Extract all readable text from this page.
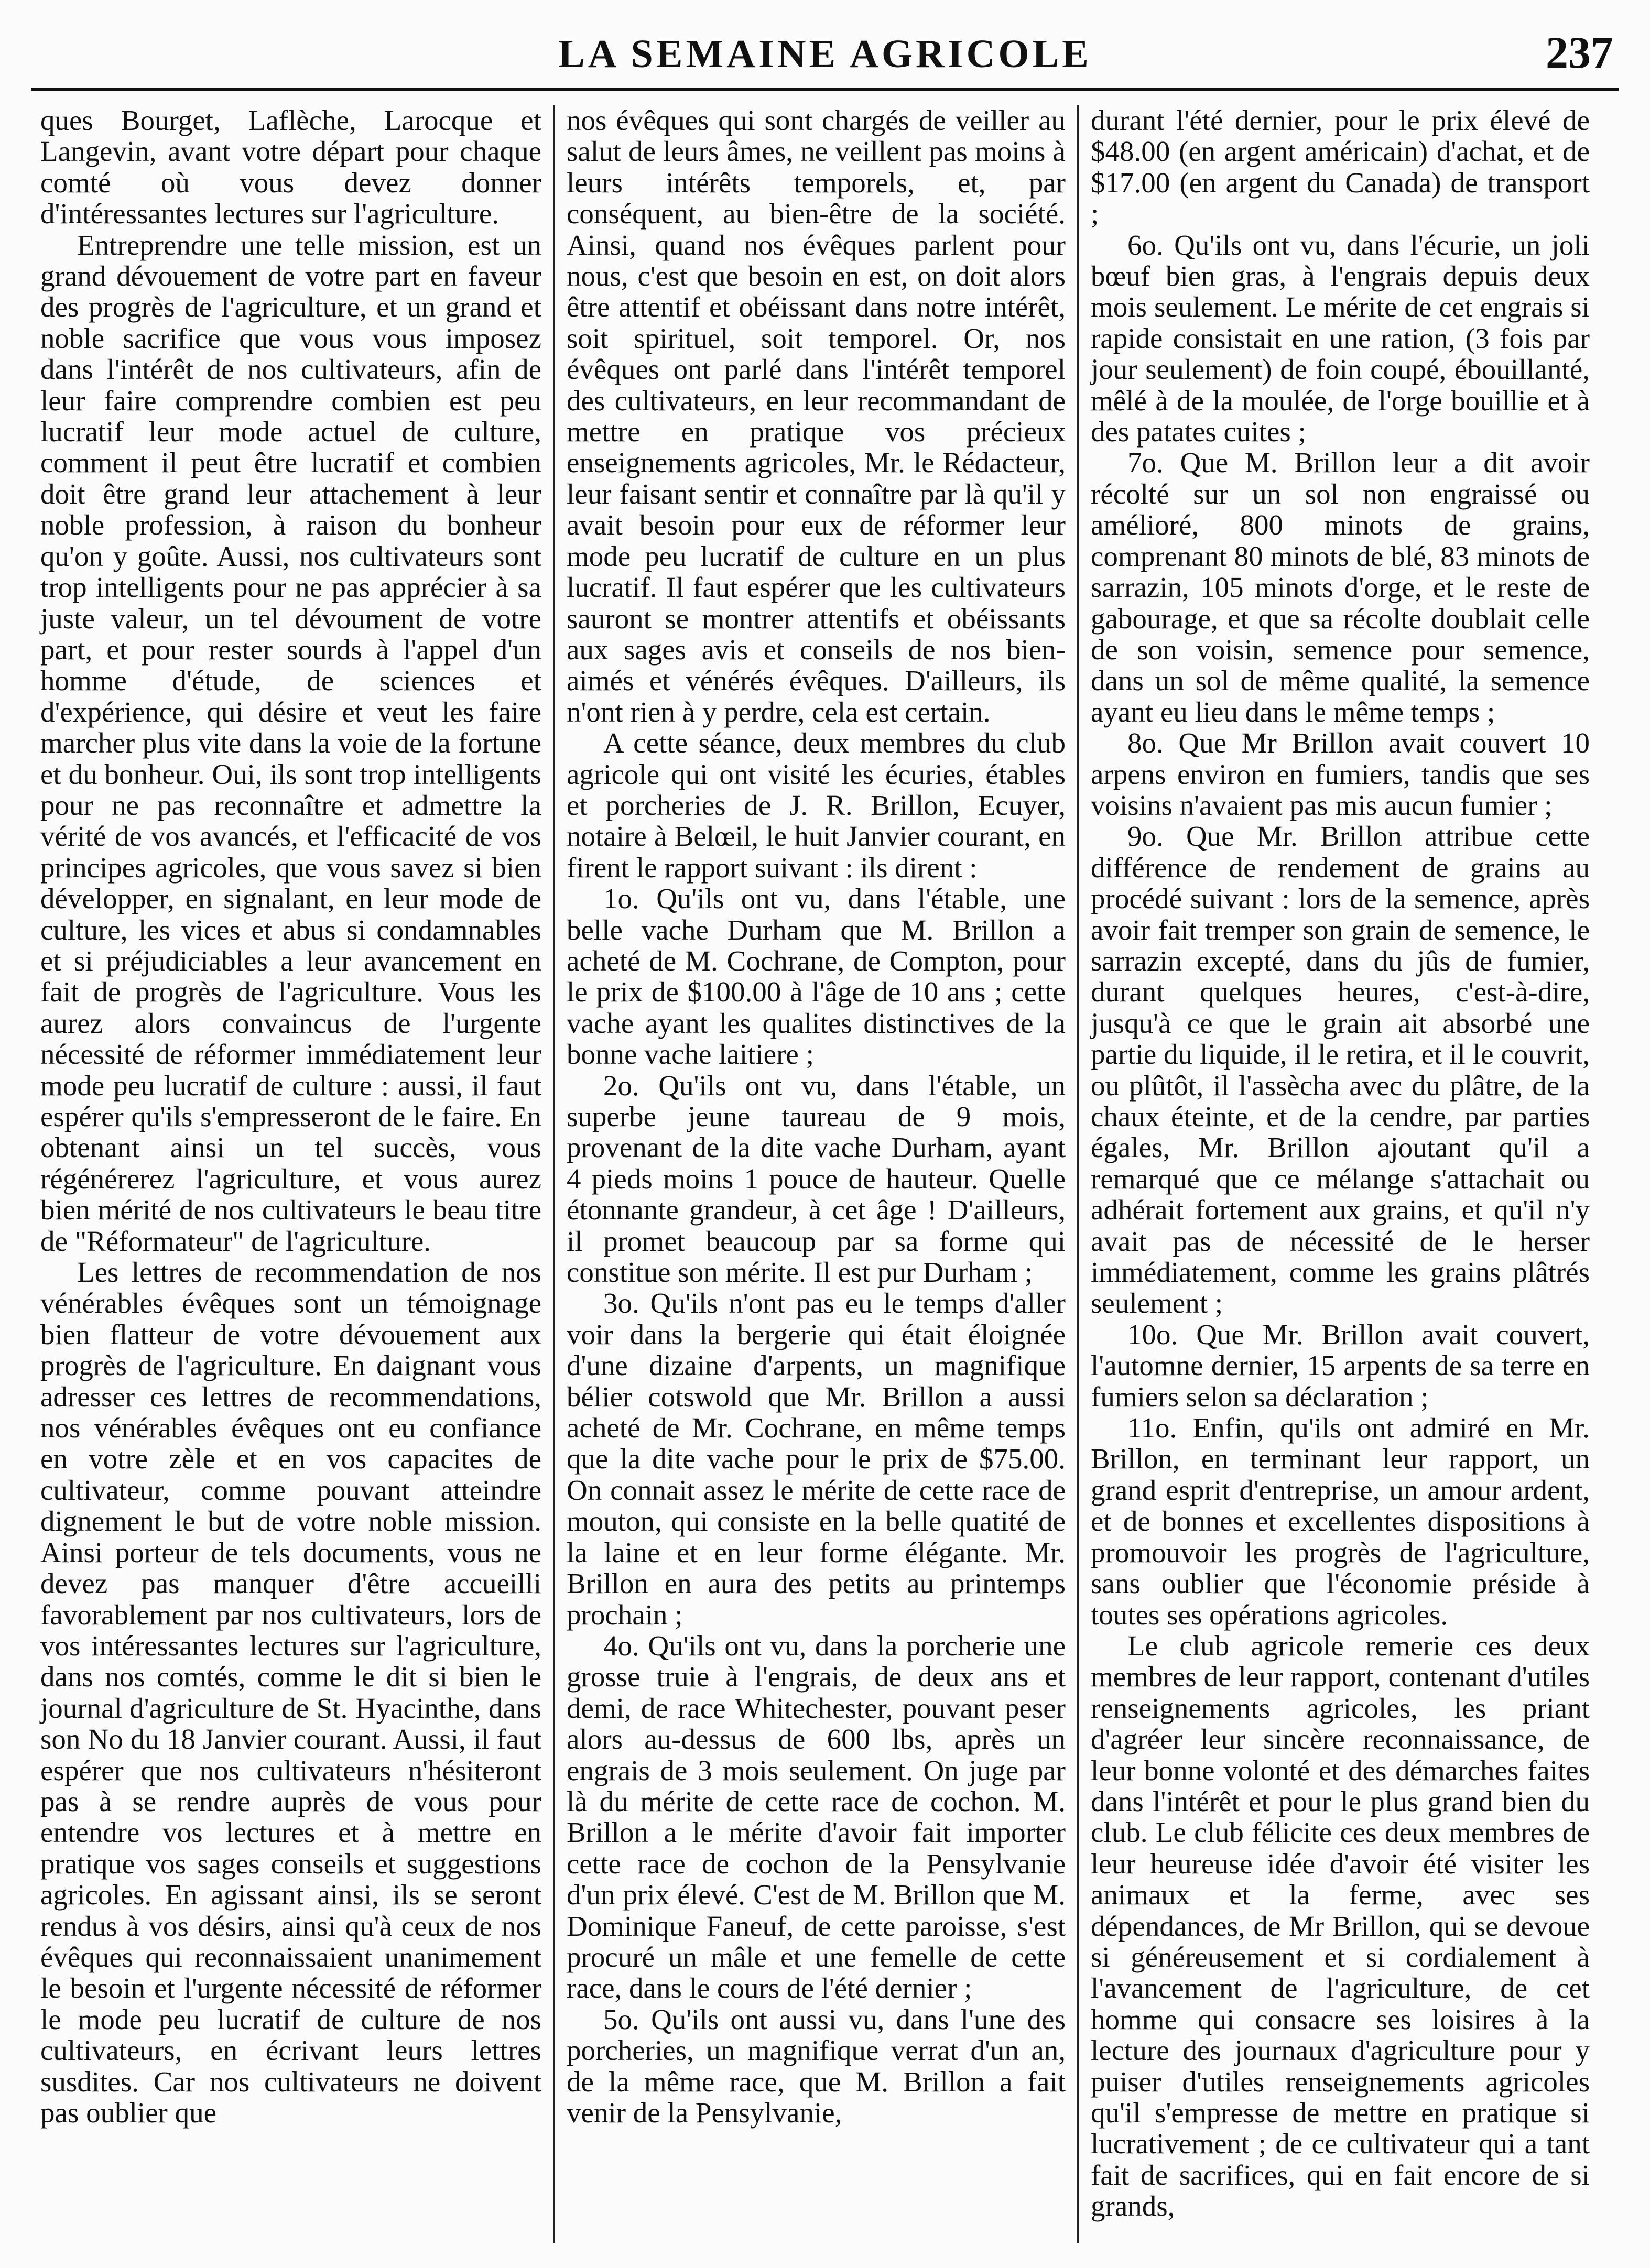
LA SEMAINE AGRICOLE	237

ques Bourget, Laflèche, Larocque et Langevin, avant votre départ pour chaque comté où vous devez donner d'intéressantes lectures sur l'agriculture.

Entreprendre une telle mission, est un grand dévouement de votre part en faveur des progrès de l'agriculture, et un grand et noble sacrifice que vous vous imposez dans l'intérêt de nos cultivateurs, afin de leur faire comprendre combien est peu lucratif leur mode actuel de culture, comment il peut être lucratif et combien doit être grand leur attachement à leur noble profession, à raison du bonheur qu'on y goûte. Aussi, nos cultivateurs sont trop intelligents pour ne pas apprécier à sa juste valeur, un tel dévoument de votre part, et pour rester sourds à l'appel d'un homme d'étude, de sciences et d'expérience, qui désire et veut les faire marcher plus vite dans la voie de la fortune et du bonheur. Oui, ils sont trop intelligents pour ne pas reconnaître et admettre la vérité de vos avancés, et l'efficacité de vos principes agricoles, que vous savez si bien développer, en signalant, en leur mode de culture, les vices et abus si condamnables et si préjudiciables a leur avancement en fait de progrès de l'agriculture. Vous les aurez alors convaincus de l'urgente nécessité de réformer immédiatement leur mode peu lucratif de culture : aussi, il faut espérer qu'ils s'empresseront de le faire. En obtenant ainsi un tel succès, vous régénérerez l'agriculture, et vous aurez bien mérité de nos cultivateurs le beau titre de "Réformateur" de l'agriculture.

Les lettres de recommendation de nos vénérables évêques sont un témoignage bien flatteur de votre dévouement aux progrès de l'agriculture. En daignant vous adresser ces lettres de recommendations, nos vénérables évêques ont eu confiance en votre zèle et en vos capacites de cultivateur, comme pouvant atteindre dignement le but de votre noble mission. Ainsi porteur de tels documents, vous ne devez pas manquer d'être accueilli favorablement par nos cultivateurs, lors de vos intéressantes lectures sur l'agriculture, dans nos comtés, comme le dit si bien le journal d'agriculture de St. Hyacinthe, dans son No du 18 Janvier courant. Aussi, il faut espérer que nos cultivateurs n'hésiteront pas à se rendre auprès de vous pour entendre vos lectures et à mettre en pratique vos sages conseils et suggestions agricoles. En agissant ainsi, ils se seront rendus à vos désirs, ainsi qu'à ceux de nos évêques qui reconnaissaient unanimement le besoin et l'urgente nécessité de réformer le mode peu lucratif de culture de nos cultivateurs, en écrivant leurs lettres susdites. Car nos cultivateurs ne doivent pas oublier que

nos évêques qui sont chargés de veiller au salut de leurs âmes, ne veillent pas moins à leurs intérêts temporels, et, par conséquent, au bien-être de la société. Ainsi, quand nos évêques parlent pour nous, c'est que besoin en est, on doit alors être attentif et obéissant dans notre intérêt, soit spirituel, soit temporel. Or, nos évêques ont parlé dans l'intérêt temporel des cultivateurs, en leur recommandant de mettre en pratique vos précieux enseignements agricoles, Mr. le Rédacteur, leur faisant sentir et connaître par là qu'il y avait besoin pour eux de réformer leur mode peu lucratif de culture en un plus lucratif. Il faut espérer que les cultivateurs sauront se montrer attentifs et obéissants aux sages avis et conseils de nos bien-aimés et vénérés évêques. D'ailleurs, ils n'ont rien à y perdre, cela est certain.

A cette séance, deux membres du club agricole qui ont visité les écuries, étables et porcheries de J. R. Brillon, Ecuyer, notaire à Belœil, le huit Janvier courant, en firent le rapport suivant : ils dirent :

1o. Qu'ils ont vu, dans l'étable, une belle vache Durham que M. Brillon a acheté de M. Cochrane, de Compton, pour le prix de $100.00 à l'âge de 10 ans ; cette vache ayant les qualites distinctives de la bonne vache laitiere ;

2o. Qu'ils ont vu, dans l'étable, un superbe jeune taureau de 9 mois, provenant de la dite vache Durham, ayant 4 pieds moins 1 pouce de hauteur. Quelle étonnante grandeur, à cet âge ! D'ailleurs, il promet beaucoup par sa forme qui constitue son mérite. Il est pur Durham ;

3o. Qu'ils n'ont pas eu le temps d'aller voir dans la bergerie qui était éloignée d'une dizaine d'arpents, un magnifique bélier cotswold que Mr. Brillon a aussi acheté de Mr. Cochrane, en même temps que la dite vache pour le prix de $75.00. On connait assez le mérite de cette race de mouton, qui consiste en la belle quatité de la laine et en leur forme élégante. Mr. Brillon en aura des petits au printemps prochain ;

4o. Qu'ils ont vu, dans la porcherie une grosse truie à l'engrais, de deux ans et demi, de race Whitechester, pouvant peser alors au-dessus de 600 lbs, après un engrais de 3 mois seulement. On juge par là du mérite de cette race de cochon. M. Brillon a le mérite d'avoir fait importer cette race de cochon de la Pensylvanie d'un prix élevé. C'est de M. Brillon que M. Dominique Faneuf, de cette paroisse, s'est procuré un mâle et une femelle de cette race, dans le cours de l'été dernier ;

5o. Qu'ils ont aussi vu, dans l'une des porcheries, un magnifique verrat d'un an, de la même race, que M. Brillon a fait venir de la Pensylvanie,

durant l'été dernier, pour le prix élevé de $48.00 (en argent américain) d'achat, et de $17.00 (en argent du Canada) de transport ;

6o. Qu'ils ont vu, dans l'écurie, un joli bœuf bien gras, à l'engrais depuis deux mois seulement. Le mérite de cet engrais si rapide consistait en une ration, (3 fois par jour seulement) de foin coupé, ébouillanté, mêlé à de la moulée, de l'orge bouillie et à des patates cuites ;

7o. Que M. Brillon leur a dit avoir récolté sur un sol non engraissé ou amélioré, 800 minots de grains, comprenant 80 minots de blé, 83 minots de sarrazin, 105 minots d'orge, et le reste de gabourage, et que sa récolte doublait celle de son voisin, semence pour semence, dans un sol de même qualité, la semence ayant eu lieu dans le même temps ;

8o. Que Mr Brillon avait couvert 10 arpens environ en fumiers, tandis que ses voisins n'avaient pas mis aucun fumier ;

9o. Que Mr. Brillon attribue cette différence de rendement de grains au procédé suivant : lors de la semence, après avoir fait tremper son grain de semence, le sarrazin excepté, dans du jûs de fumier, durant quelques heures, c'est-à-dire, jusqu'à ce que le grain ait absorbé une partie du liquide, il le retira, et il le couvrit, ou plûtôt, il l'assècha avec du plâtre, de la chaux éteinte, et de la cendre, par parties égales, Mr. Brillon ajoutant qu'il a remarqué que ce mélange s'attachait ou adhérait fortement aux grains, et qu'il n'y avait pas de nécessité de le herser immédiatement, comme les grains plâtrés seulement ;

10o. Que Mr. Brillon avait couvert, l'automne dernier, 15 arpents de sa terre en fumiers selon sa déclaration ;

11o. Enfin, qu'ils ont admiré en Mr. Brillon, en terminant leur rapport, un grand esprit d'entreprise, un amour ardent, et de bonnes et excellentes dispositions à promouvoir les progrès de l'agriculture, sans oublier que l'économie préside à toutes ses opérations agricoles.

Le club agricole remerie ces deux membres de leur rapport, contenant d'utiles renseignements agricoles, les priant d'agréer leur sincère reconnaissance, de leur bonne volonté et des démarches faites dans l'intérêt et pour le plus grand bien du club. Le club félicite ces deux membres de leur heureuse idée d'avoir été visiter les animaux et la ferme, avec ses dépendances, de Mr Brillon, qui se devoue si généreusement et si cordialement à l'avancement de l'agriculture, de cet homme qui consacre ses loisires à la lecture des journaux d'agriculture pour y puiser d'utiles renseignements agricoles qu'il s'empresse de mettre en pratique si lucrativement ; de ce cultivateur qui a tant fait de sacrifices, qui en fait encore de si grands,
